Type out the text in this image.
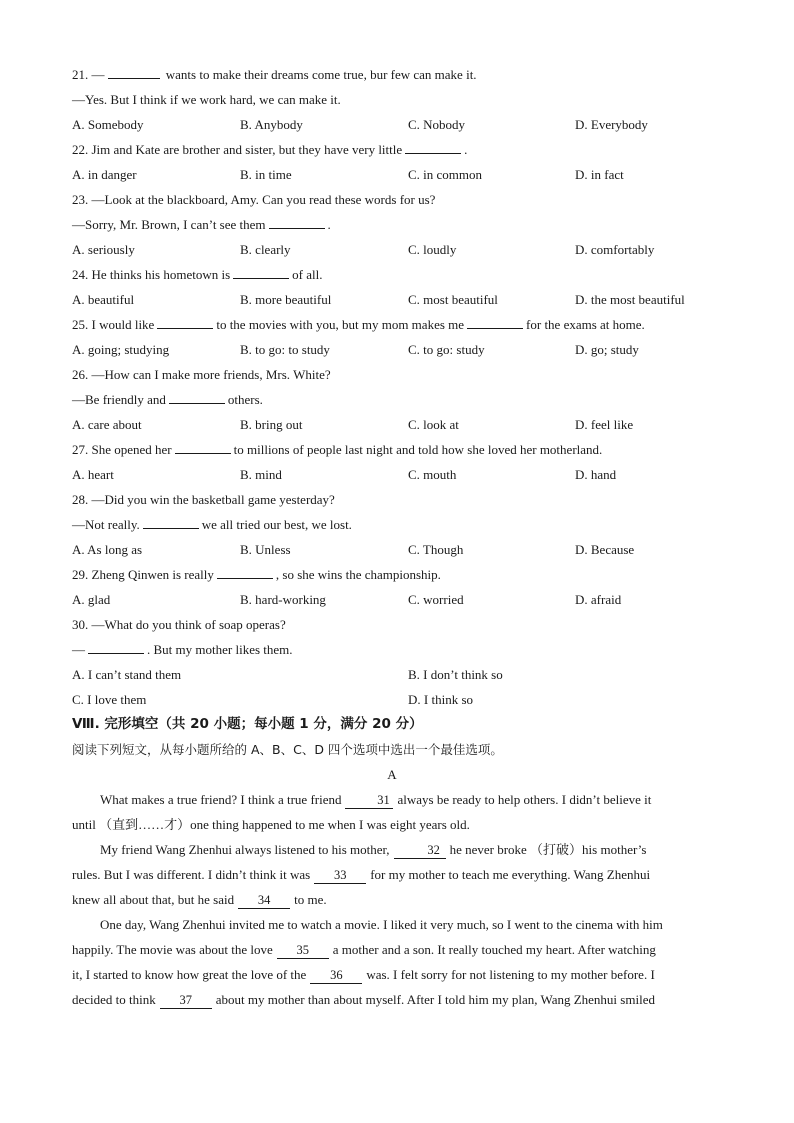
21. —	wants to make their dreams come true, bur few can make it.
—Yes. But I think if we work hard, we can make it.
A. Somebody	B. Anybody	C. Nobody	D. Everybody
22. Jim and Kate are brother and sister, but they have very little	.
A. in danger	B. in time	C. in common	D. in fact
23. —Look at the blackboard, Amy. Can you read these words for us?
—Sorry, Mr. Brown, I can’t see them	.
A. seriously	B. clearly	C. loudly	D. comfortably
24. He thinks his hometown is	of all.
A. beautiful	B. more beautiful	C. most beautiful	D. the most beautiful
25. I would like	to the movies with you, but my mom makes me	for the exams at home.
A. going; studying	B. to go: to study	C. to go: study	D. go; study
26. —How can I make more friends, Mrs. White?
—Be friendly and	others.
A. care about	B. bring out	C. look at	D. feel like
27. She opened her	to millions of people last night and told how she loved her motherland.
A. heart	B. mind	C. mouth	D. hand
28. —Did you win the basketball game yesterday?
—Not really.	we all tried our best, we lost.
A. As long as	B. Unless	C. Though	D. Because
29. Zheng Qinwen is really	, so she wins the championship.
A. glad	B. hard-working	C. worried	D. afraid
30. —What do you think of soap operas?
—	. But my mother likes them.
A. I can’t stand them	B. I don’t think so
C. I love them	D. I think so
Ⅷ. 完形填空（共 20 小题；每小题 1 分，满分 20 分）
阅读下列短文，从每小题所给的 A、B、C、D 四个选项中选出一个最佳选项。
A
What makes a true friend? I think a true friend	31 always be ready to help others. I didn’t believe it
until （直到……才）one thing happened to me when I was eight years old.
My friend Wang Zhenhui always listened to his mother,	32 he never broke （打破）his mother’s
rules. But I was different. I didn’t think it was 33 for my mother to teach me everything. Wang Zhenhui
knew all about that, but he said 34 to me.
One day, Wang Zhenhui invited me to watch a movie. I liked it very much, so I went to the cinema with him
happily. The movie was about the love 35 a mother and a son. It really touched my heart. After watching
it, I started to know how great the love of the 36 was. I felt sorry for not listening to my mother before. I
decided to think 37 about my mother than about myself. After I told him my plan, Wang Zhenhui smiled
